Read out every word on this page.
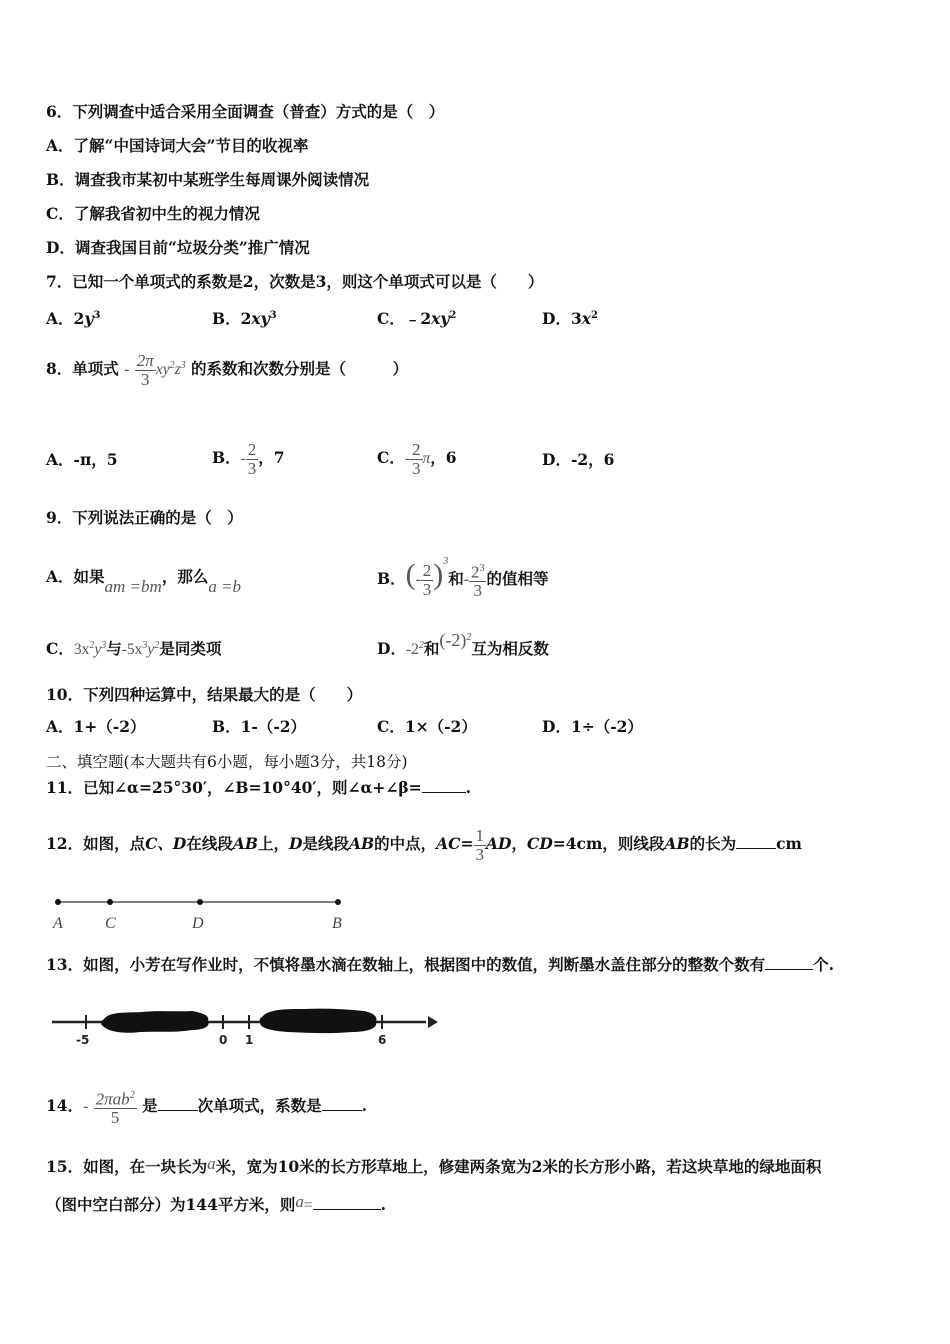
6．下列调查中适合采用全面调查（普查）方式的是（　）
A．了解“中国诗词大会”节目的收视率
B．调查我市某初中某班学生每周课外阅读情况
C．了解我省初中生的视力情况
D．调查我国目前“垃圾分类”推广情况
7．已知一个单项式的系数是2，次数是3，则这个单项式可以是（　　）
A．$2y^3$	B．$2xy^3$	C．$﹣2xy^2$	D．$3x^2$
8．单项式 - $\frac{2\pi}{3} xy^2z^3$ 的系数和次数分别是（　　　）
A．-π，5	B．- $\frac{2}{3}$ ，7	C．- $\frac{2}{3}$ π，6	D．-2，6
9．下列说法正确的是（　）
A．如果am =bm，那么a =b	B．(- $\frac{2}{3} )^3$和- $\frac{2^3}{3}$ 的值相等
C．$3x^2y^3$与$-5x^3y^2$是同类项	D．$-2^2$和$(-2)^2$互为相反数
10．下列四种运算中，结果最大的是（　　）
A．1+（-2）	B．1-（-2）	C．1×（-2）	D．1÷（-2）
二、填空题(本大题共有6小题，每小题3分，共18分)
11．已知∠α=25°30′，∠B=10°40′，则∠α+∠β=	.
12．如图，点C、D在线段AB上，D是线段AB的中点，$AC= \frac{1}{3}$ AD，CD=4cm，则线段AB的长为	cm
A	C	D	B
13．如图，小芳在写作业时，不慎将墨水滴在数轴上，根据图中的数值，判断墨水盖住部分的整数个数有	个.
-5	0 1	6
14．- $\frac{2\pi ab^2}{5}$ 是	次单项式，系数是	.
15．如图，在一块长为a米，宽为10米的长方形草地上，修建两条宽为2米的长方形小路，若这块草地的绿地面积
（图中空白部分）为144平方米，则a=	.
